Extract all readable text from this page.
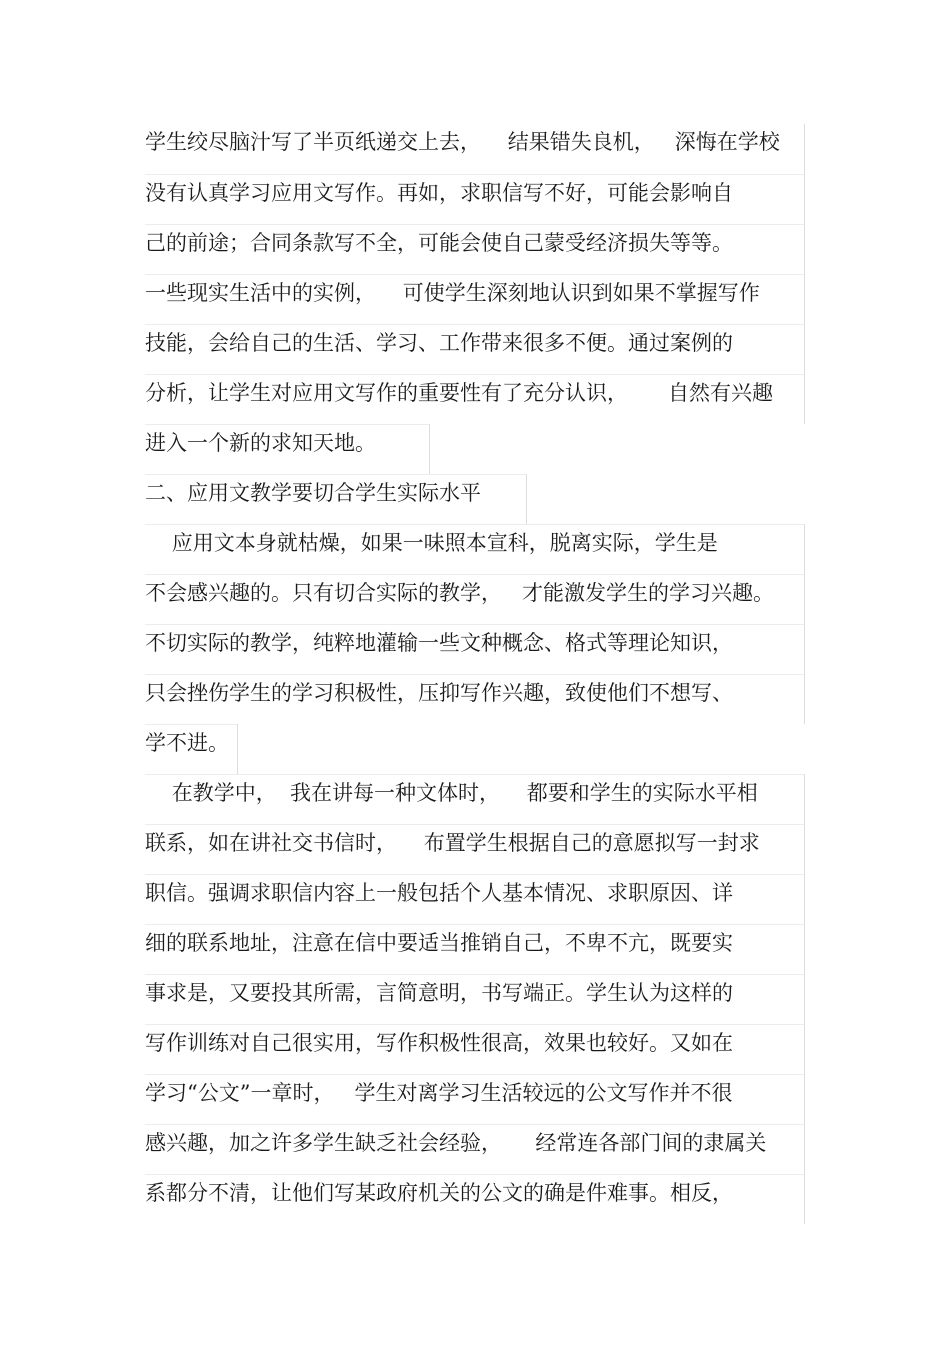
学生绞尽脑汁写了半页纸递交上去，    结果错失良机，   深悔在学校
没有认真学习应用文写作。再如，求职信写不好，可能会影响自
己的前途；合同条款写不全，可能会使自己蒙受经济损失等等。
一些现实生活中的实例，    可使学生深刻地认识到如果不掌握写作
技能，会给自己的生活、学习、工作带来很多不便。通过案例的
分析，让学生对应用文写作的重要性有了充分认识，      自然有兴趣
进入一个新的求知天地。
二、应用文教学要切合学生实际水平
应用文本身就枯燥，如果一味照本宣科，脱离实际，学生是
不会感兴趣的。只有切合实际的教学，   才能激发学生的学习兴趣。
不切实际的教学，纯粹地灌输一些文种概念、格式等理论知识，
只会挫伤学生的学习积极性，压抑写作兴趣，致使他们不想写、
学不进。
在教学中，  我在讲每一种文体时，    都要和学生的实际水平相
联系，如在讲社交书信时，    布置学生根据自己的意愿拟写一封求
职信。强调求职信内容上一般包括个人基本情况、求职原因、详
细的联系地址，注意在信中要适当推销自己，不卑不亢，既要实
事求是，又要投其所需，言简意明，书写端正。学生认为这样的
写作训练对自己很实用，写作积极性很高，效果也较好。又如在
学习“公文”一章时，   学生对离学习生活较远的公文写作并不很
感兴趣，加之许多学生缺乏社会经验，     经常连各部门间的隶属关
系都分不清，让他们写某政府机关的公文的确是件难事。相反，
